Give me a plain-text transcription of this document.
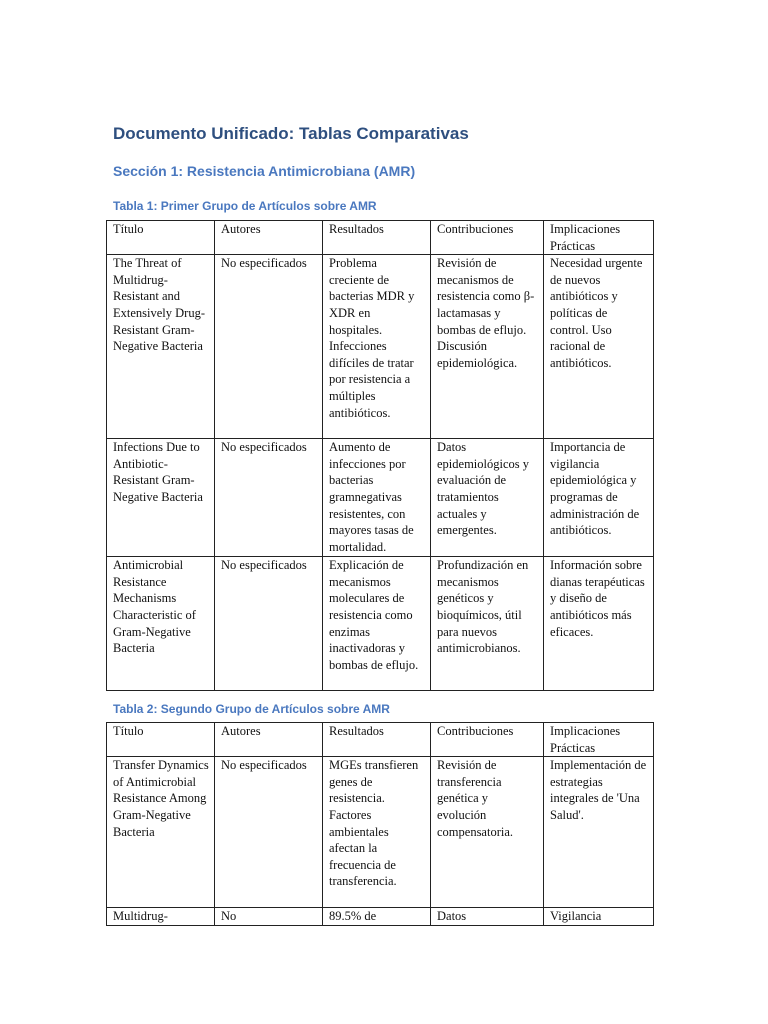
Documento Unificado: Tablas Comparativas
Sección 1: Resistencia Antimicrobiana (AMR)
Tabla 1: Primer Grupo de Artículos sobre AMR
Título	Autores	Resultados	Contribuciones	Implicaciones Prácticas
The Threat of Multidrug-Resistant and Extensively Drug-Resistant Gram-Negative Bacteria	No especificados	Problema creciente de bacterias MDR y XDR en hospitales. Infecciones difíciles de tratar por resistencia a múltiples antibióticos.	Revisión de mecanismos de resistencia como β-lactamasas y bombas de eflujo. Discusión epidemiológica.	Necesidad urgente de nuevos antibióticos y políticas de control. Uso racional de antibióticos.
Infections Due to Antibiotic-Resistant Gram-Negative Bacteria	No especificados	Aumento de infecciones por bacterias gramnegativas resistentes, con mayores tasas de mortalidad.	Datos epidemiológicos y evaluación de tratamientos actuales y emergentes.	Importancia de vigilancia epidemiológica y programas de administración de antibióticos.
Antimicrobial Resistance Mechanisms Characteristic of Gram-Negative Bacteria	No especificados	Explicación de mecanismos moleculares de resistencia como enzimas inactivadoras y bombas de eflujo.	Profundización en mecanismos genéticos y bioquímicos, útil para nuevos antimicrobianos.	Información sobre dianas terapéuticas y diseño de antibióticos más eficaces.
Tabla 2: Segundo Grupo de Artículos sobre AMR
Título	Autores	Resultados	Contribuciones	Implicaciones Prácticas
Transfer Dynamics of Antimicrobial Resistance Among Gram-Negative Bacteria	No especificados	MGEs transfieren genes de resistencia. Factores ambientales afectan la frecuencia de transferencia.	Revisión de transferencia genética y evolución compensatoria.	Implementación de estrategias integrales de 'Una Salud'.
Multidrug-	No	89.5% de	Datos	Vigilancia
